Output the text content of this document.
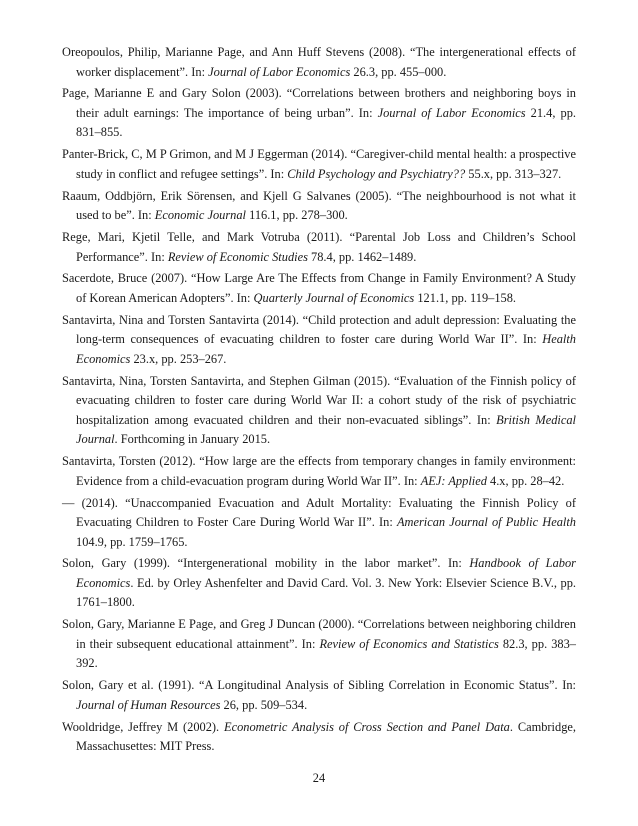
Oreopoulos, Philip, Marianne Page, and Ann Huff Stevens (2008). “The intergenerational effects of worker displacement”. In: Journal of Labor Economics 26.3, pp. 455–000.

Page, Marianne E and Gary Solon (2003). “Correlations between brothers and neighboring boys in their adult earnings: The importance of being urban”. In: Journal of Labor Economics 21.4, pp. 831–855.

Panter-Brick, C, M P Grimon, and M J Eggerman (2014). “Caregiver-child mental health: a prospective study in conflict and refugee settings”. In: Child Psychology and Psychiatry?? 55.x, pp. 313–327.

Raaum, Oddbjörn, Erik Sörensen, and Kjell G Salvanes (2005). “The neighbourhood is not what it used to be”. In: Economic Journal 116.1, pp. 278–300.

Rege, Mari, Kjetil Telle, and Mark Votruba (2011). “Parental Job Loss and Children’s School Performance”. In: Review of Economic Studies 78.4, pp. 1462–1489.

Sacerdote, Bruce (2007). “How Large Are The Effects from Change in Family Environment? A Study of Korean American Adopters”. In: Quarterly Journal of Economics 121.1, pp. 119–158.

Santavirta, Nina and Torsten Santavirta (2014). “Child protection and adult depression: Evaluating the long-term consequences of evacuating children to foster care during World War II”. In: Health Economics 23.x, pp. 253–267.

Santavirta, Nina, Torsten Santavirta, and Stephen Gilman (2015). “Evaluation of the Finnish policy of evacuating children to foster care during World War II: a cohort study of the risk of psychiatric hospitalization among evacuated children and their non-evacuated siblings”. In: British Medical Journal. Forthcoming in January 2015.

Santavirta, Torsten (2012). “How large are the effects from temporary changes in family environment: Evidence from a child-evacuation program during World War II”. In: AEJ: Applied 4.x, pp. 28–42.

— (2014). “Unaccompanied Evacuation and Adult Mortality: Evaluating the Finnish Policy of Evacuating Children to Foster Care During World War II”. In: American Journal of Public Health 104.9, pp. 1759–1765.

Solon, Gary (1999). “Intergenerational mobility in the labor market”. In: Handbook of Labor Economics. Ed. by Orley Ashenfelter and David Card. Vol. 3. New York: Elsevier Science B.V., pp. 1761–1800.

Solon, Gary, Marianne E Page, and Greg J Duncan (2000). “Correlations between neighboring children in their subsequent educational attainment”. In: Review of Economics and Statistics 82.3, pp. 383–392.

Solon, Gary et al. (1991). “A Longitudinal Analysis of Sibling Correlation in Economic Status”. In: Journal of Human Resources 26, pp. 509–534.

Wooldridge, Jeffrey M (2002). Econometric Analysis of Cross Section and Panel Data. Cambridge, Massachusettes: MIT Press.

24
